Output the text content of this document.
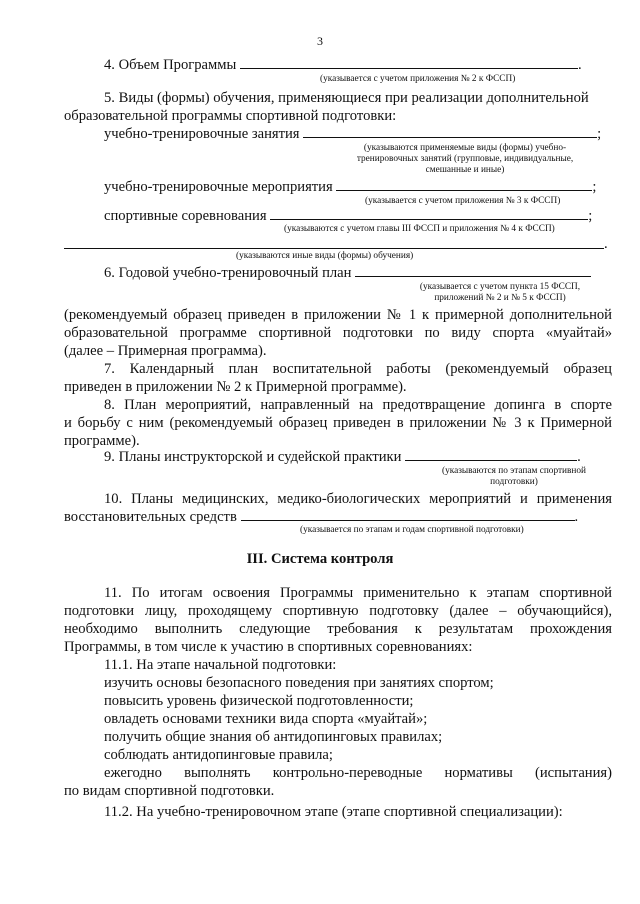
3
4. Объем Программы	.
(указывается с учетом приложения № 2 к ФССП)
5. Виды (формы) обучения, применяющиеся при реализации дополнительной
образовательной программы спортивной подготовки:
учебно-тренировочные занятия	;
(указываются применяемые виды (формы) учебно-
тренировочных занятий (групповые, индивидуальные,
смешанные и иные)
учебно-тренировочные мероприятия	;
(указывается с учетом приложения № 3 к ФССП)
спортивные соревнования	;
(указываются с учетом главы III ФССП и приложения № 4 к ФССП)
.
(указываются иные виды (формы) обучения)
6. Годовой учебно-тренировочный план
(указывается с учетом пункта 15 ФССП,
приложений № 2 и № 5 к ФССП)
(рекомендуемый образец приведен в приложении № 1 к примерной дополнительной
образовательной программе спортивной подготовки по виду спорта «муайтай»
(далее – Примерная программа).
7. Календарный план воспитательной работы (рекомендуемый образец
приведен в приложении № 2 к Примерной программе).
8. План мероприятий, направленный на предотвращение допинга в спорте
и борьбу с ним (рекомендуемый образец приведен в приложении № 3 к Примерной
программе).
9. Планы инструкторской и судейской практики	.
(указываются по этапам спортивной
подготовки)
10. Планы медицинских, медико-биологических мероприятий и применения
восстановительных средств	.
(указывается по этапам и годам спортивной подготовки)
III. Система контроля
11. По итогам освоения Программы применительно к этапам спортивной
подготовки лицу, проходящему спортивную подготовку (далее – обучающийся),
необходимо выполнить следующие требования к результатам прохождения
Программы, в том числе к участию в спортивных соревнованиях:
11.1. На этапе начальной подготовки:
изучить основы безопасного поведения при занятиях спортом;
повысить уровень физической подготовленности;
овладеть основами техники вида спорта «муайтай»;
получить общие знания об антидопинговых правилах;
соблюдать антидопинговые правила;
ежегодно выполнять контрольно-переводные нормативы (испытания)
по видам спортивной подготовки.
11.2. На учебно-тренировочном этапе (этапе спортивной специализации):
